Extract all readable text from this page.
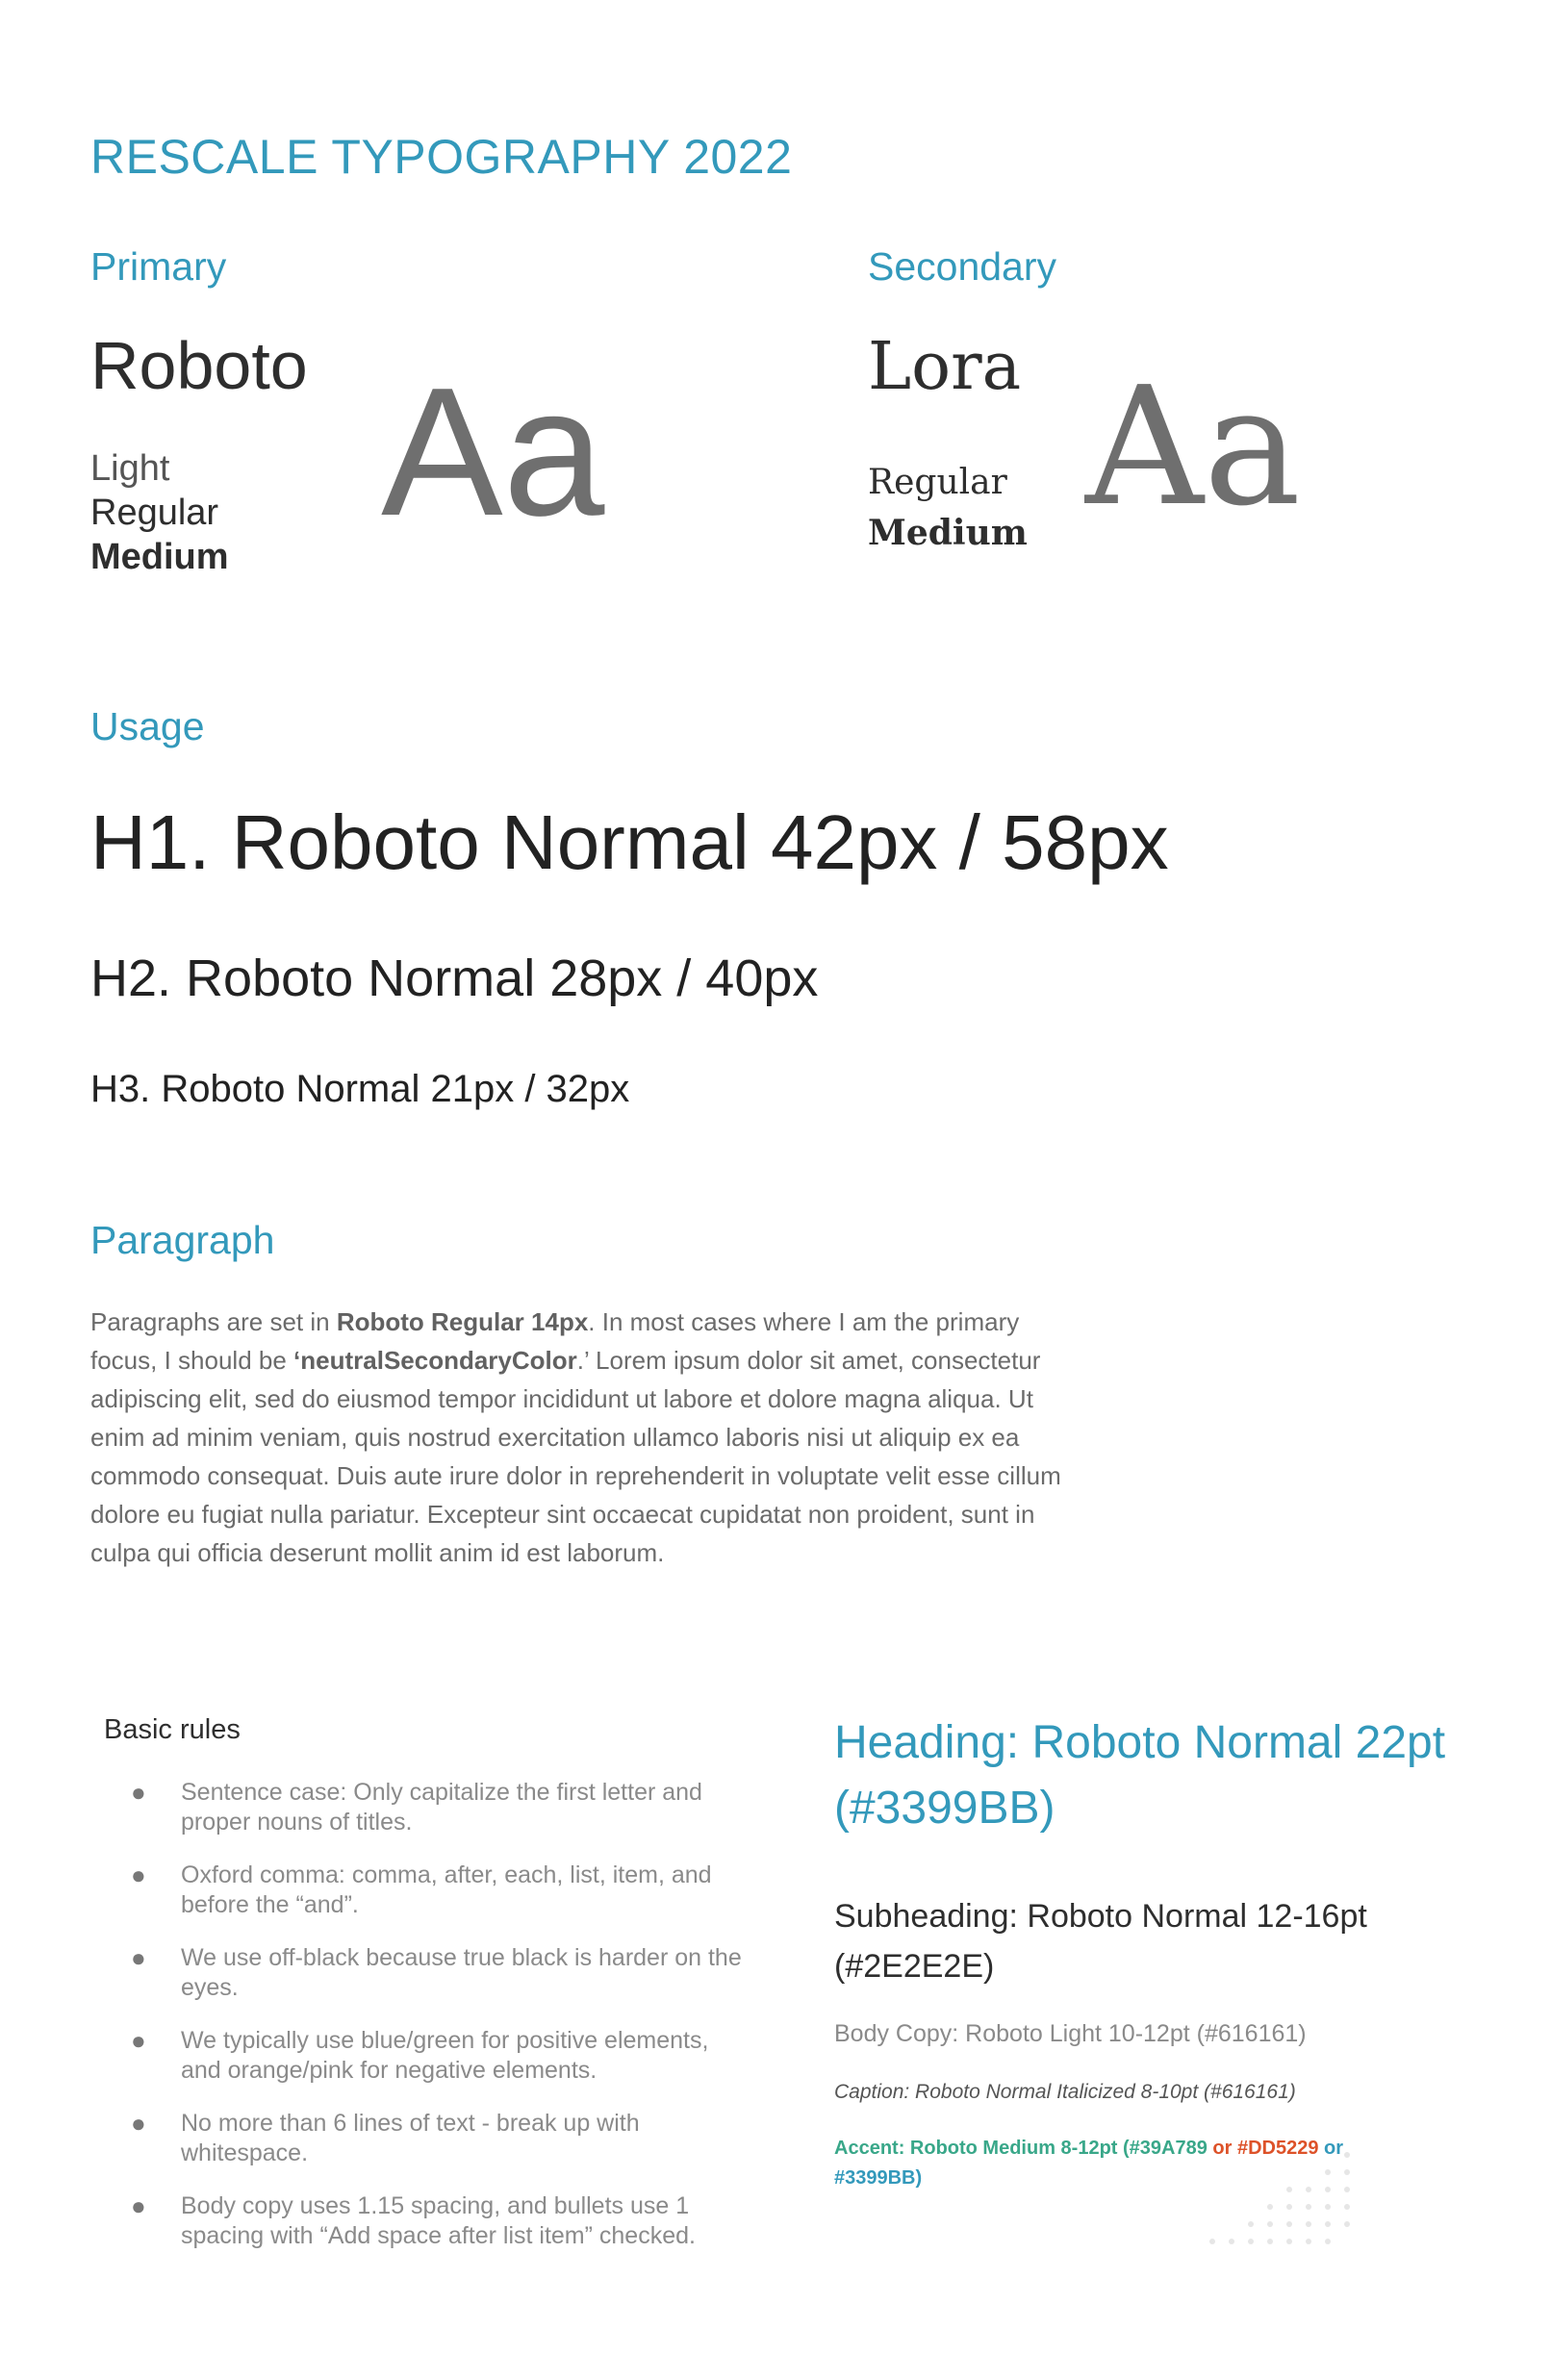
RESCALE TYPOGRAPHY 2022
Primary
Roboto
Light
Regular
Medium
Aa
Secondary
Lora
Regular
Medium Aa
Usage
H1. Roboto Normal 42px / 58px
H2. Roboto Normal 28px / 40px
H3. Roboto Normal 21px / 32px
Paragraph

Paragraphs are set in Roboto Regular 14px. In most cases where I am the primary focus, I should be ‘neutralSecondaryColor.’ Lorem ipsum dolor sit amet, consectetur adipiscing elit, sed do eiusmod tempor incididunt ut labore et dolore magna aliqua. Ut enim ad minim veniam, quis nostrud exercitation ullamco laboris nisi ut aliquip ex ea commodo consequat. Duis aute irure dolor in reprehenderit in voluptate velit esse cillum dolore eu fugiat nulla pariatur. Excepteur sint occaecat cupidatat non proident, sunt in culpa qui officia deserunt mollit anim id est laborum.

Basic rules
● Sentence case: Only capitalize the first letter and proper nouns of titles.
● Oxford comma: comma, after, each, list, item, and before the “and”.
● We use off-black because true black is harder on the eyes.
● We typically use blue/green for positive elements, and orange/pink for negative elements.
● No more than 6 lines of text - break up with whitespace.
● Body copy uses 1.15 spacing, and bullets use 1 spacing with “Add space after list item” checked.
Heading: Roboto Normal 22pt (#3399BB)
Subheading: Roboto Normal 12-16pt (#2E2E2E)
Body Copy: Roboto Light 10-12pt (#616161)
Caption: Roboto Normal Italicized 8-10pt (#616161)
Accent: Roboto Medium 8-12pt (#39A789 or #DD5229 or #3399BB)
